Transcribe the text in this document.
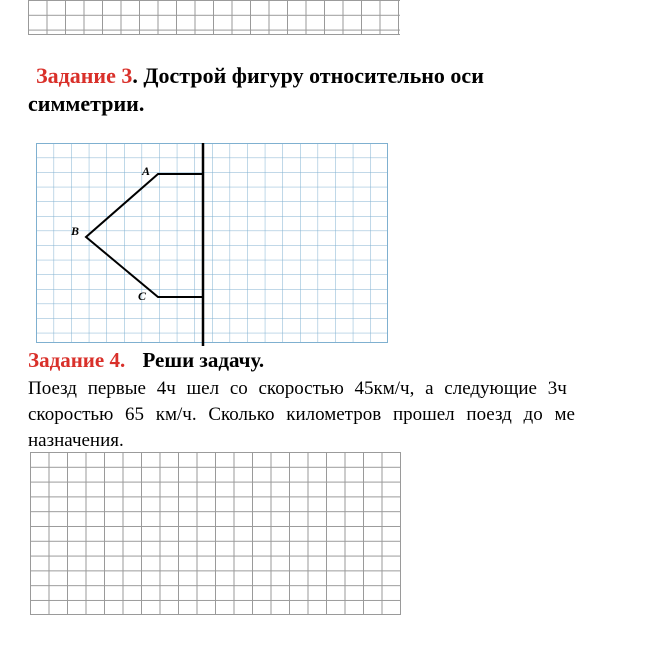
Задание 3. Дострой фигуру относительно оси
симметрии.
A
B
C
Задание 4. Реши задачу.
Поезд первые 4ч шел со скоростью 45км/ч, а следующие 3ч
скоростью 65 км/ч. Сколько километров прошел поезд до ме
назначения.
